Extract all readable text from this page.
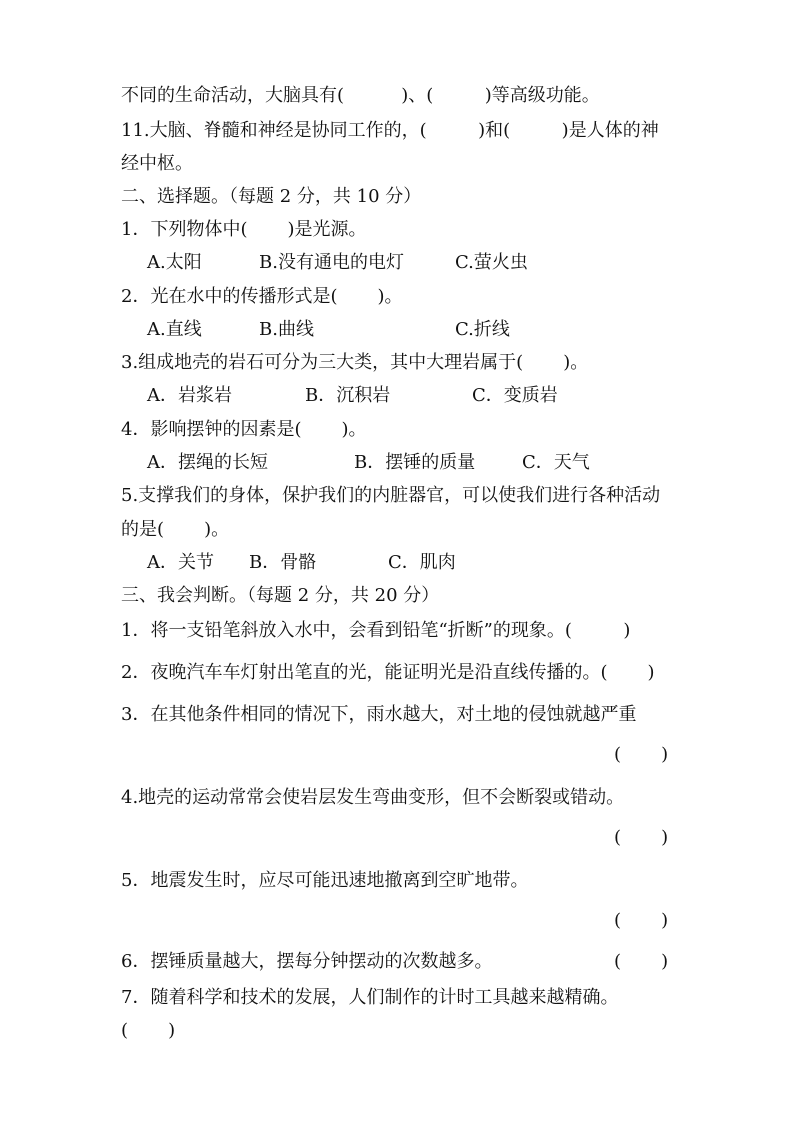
不同的生命活动，大脑具有(          )、(         )等高级功能。
11.大脑、脊髓和神经是协同工作的，(         )和(         )是人体的神
经中枢。
二、选择题。（每题 2 分，共 10 分）
1．下列物体中(       )是光源。
A.太阳	B.没有通电的电灯	C.萤火虫
2．光在水中的传播形式是(       )。
A.直线	B.曲线	C.折线
3.组成地壳的岩石可分为三大类，其中大理岩属于(       )。
A．岩浆岩	B．沉积岩	C．变质岩
4．影响摆钟的因素是(       )。
A．摆绳的长短	B．摆锤的质量	C．天气
5.支撑我们的身体，保护我们的内脏器官，可以使我们进行各种活动
的是(       )。
A．关节 B．骨骼	C．肌肉
三、我会判断。（每题 2 分，共 20 分）
1．将一支铅笔斜放入水中，会看到铅笔“折断”的现象。(         )
2．夜晚汽车车灯射出笔直的光，能证明光是沿直线传播的。(       )
3．在其他条件相同的情况下，雨水越大，对土地的侵蚀就越严重
(       )
4.地壳的运动常常会使岩层发生弯曲变形，但不会断裂或错动。
(       )
5．地震发生时，应尽可能迅速地撤离到空旷地带。
(       )
6．摆锤质量越大，摆每分钟摆动的次数越多。	(       )
7．随着科学和技术的发展，人们制作的计时工具越来越精确。
(       )
